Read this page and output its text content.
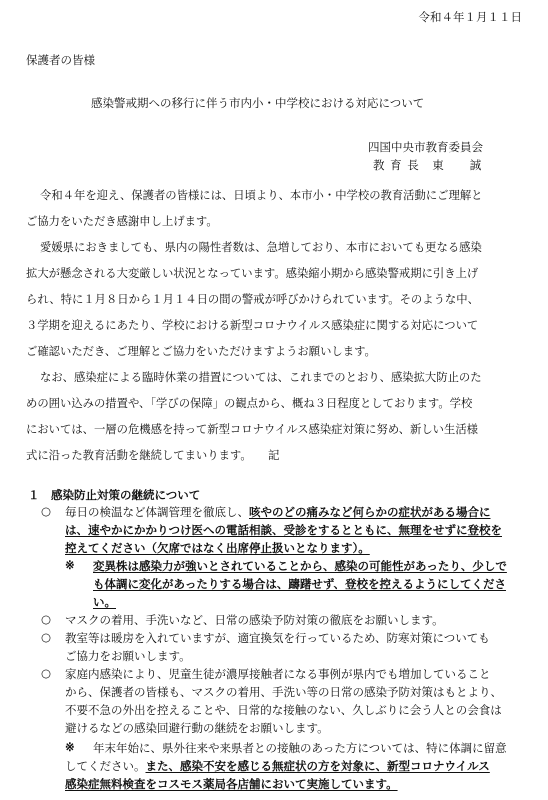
令和４年１月１１日
保護者の皆様
感染警戒期への移行に伴う市内小・中学校における対応について
四国中央市教育委員会
教 育 長　東　　誠
令和４年を迎え、保護者の皆様には、日頃より、本市小・中学校の教育活動にご理解と
ご協力をいただき感謝申し上げます。
愛媛県におきましても、県内の陽性者数は、急増しており、本市においても更なる感染
拡大が懸念される大変厳しい状況となっています。感染縮小期から感染警戒期に引き上げ
られ、特に１月８日から１月１４日の間の警戒が呼びかけられています。そのような中、
３学期を迎えるにあたり、学校における新型コロナウイルス感染症に関する対応について
ご確認いただき、ご理解とご協力をいただけますようお願いします。
なお、感染症による臨時休業の措置については、これまでのとおり、感染拡大防止のた
めの囲い込みの措置や、「学びの保障」の観点から、概ね３日程度としております。学校
においては、一層の危機感を持って新型コロナウイルス感染症対策に努め、新しい生活様
式に沿った教育活動を継続してまいります。 記
１　感染防止対策の継続について
○ 毎日の検温など体調管理を徹底し、咳やのどの痛みなど何らかの症状がある場合に
は、速やかにかかりつけ医への電話相談、受診をするとともに、無理をせずに登校を
控えてください（欠席ではなく出席停止扱いとなります）。
※ 変異株は感染力が強いとされていることから、感染の可能性があったり、少しで
も体調に変化があったりする場合は、躊躇せず、登校を控えるようにしてくださ
い。
○ マスクの着用、手洗いなど、日常の感染予防対策の徹底をお願いします。
○ 教室等は暖房を入れていますが、適宜換気を行っているため、防寒対策についても
ご協力をお願いします。
○ 家庭内感染により、児童生徒が濃厚接触者になる事例が県内でも増加していること
から、保護者の皆様も、マスクの着用、手洗い等の日常の感染予防対策はもとより、
不要不急の外出を控えることや、日常的な接触のない、久しぶりに会う人との会食は
避けるなどの感染回避行動の継続をお願いします。
※ 年末年始に、県外往来や来県者との接触のあった方については、特に体調に留意
してください。また、感染不安を感じる無症状の方を対象に、新型コロナウイルス
感染症無料検査をコスモス薬局各店舗において実施しています。
